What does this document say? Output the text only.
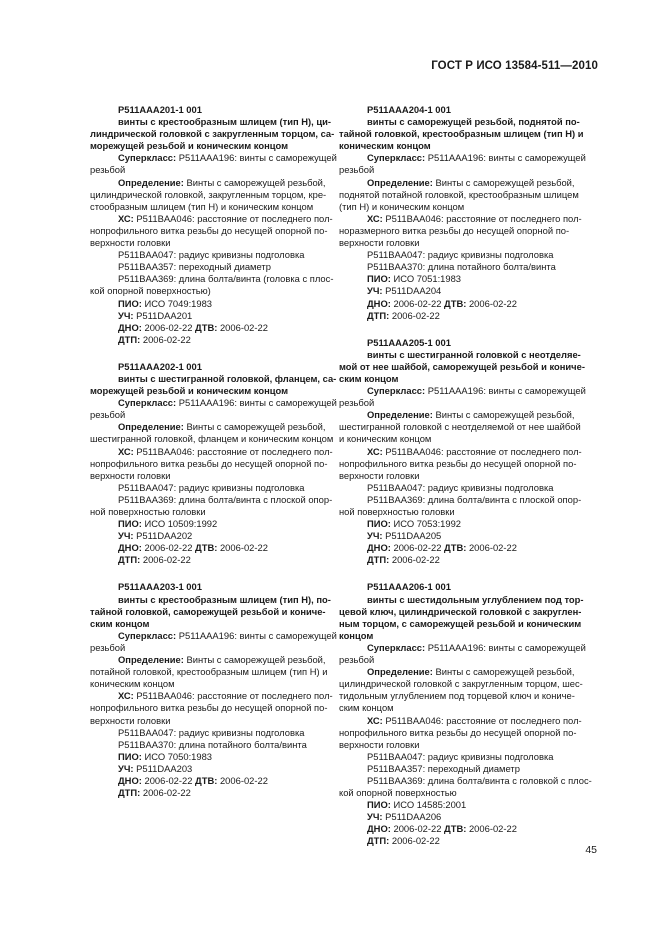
ГОСТ Р ИСО 13584-511—2010

P511AAA201-1 001

винты с крестообразным шлицем (тип Н), ци-

линдрической головкой с закругленным торцом, са-

морежущей резьбой и коническим концом

Суперкласс: P511AAA196: винты с саморежущей

резьбой

Определение: Винты с саморежущей резьбой,

цилиндрической головкой, закругленным торцом, кре-

стообразным шлицем (тип Н) и коническим концом

ХС: P511BAA046: расстояние от последнего пол-

нопрофильного витка резьбы до несущей опорной по-

верхности головки

P511BAA047: радиус кривизны подголовка

P511BAA357: переходный диаметр

P511BAA369: длина болта/винта (головка с плос-

кой опорной поверхностью)

ПИО: ИСО 7049:1983

УЧ: P511DAA201

ДНО: 2006-02-22 ДТВ: 2006-02-22

ДТП: 2006-02-22

P511AAA202-1 001

винты с шестигранной головкой, фланцем, са-

морежущей резьбой и коническим концом

Суперкласс: P511AAA196: винты с саморежущей

резьбой

Определение: Винты с саморежущей резьбой,

шестигранной головкой, фланцем и коническим концом

ХС: P511BAA046: расстояние от последнего пол-

нопрофильного витка резьбы до несущей опорной по-

верхности головки

P511BAA047: радиус кривизны подголовка

P511BAA369: длина болта/винта с плоской опор-

ной поверхностью головки

ПИО: ИСО 10509:1992

УЧ: P511DAA202

ДНО: 2006-02-22 ДТВ: 2006-02-22

ДТП: 2006-02-22

P511AAA203-1 001

винты с крестообразным шлицем (тип Н), по-

тайной головкой, саморежущей резьбой и кониче-

ским концом

Суперкласс: P511AAA196: винты с саморежущей

резьбой

Определение: Винты с саморежущей резьбой,

потайной головкой, крестообразным шлицем (тип Н) и

коническим концом

ХС: P511BAA046: расстояние от последнего пол-

нопрофильного витка резьбы до несущей опорной по-

верхности головки

P511BAA047: радиус кривизны подголовка

P511BAA370: длина потайного болта/винта

ПИО: ИСО 7050:1983

УЧ: P511DAA203

ДНО: 2006-02-22 ДТВ: 2006-02-22

ДТП: 2006-02-22

P511AAA204-1 001

винты с саморежущей резьбой, поднятой по-

тайной головкой, крестообразным шлицем (тип Н) и

коническим концом

Суперкласс: P511AAA196: винты с саморежущей

резьбой

Определение: Винты с саморежущей резьбой,

поднятой потайной головкой, крестообразным шлицем

(тип Н) и коническим концом

ХС: P511BAA046: расстояние от последнего пол-

норазмерного витка резьбы до несущей опорной по-

верхности головки

P511BAA047: радиус кривизны подголовка

P511BAA370: длина потайного болта/винта

ПИО: ИСО 7051:1983

УЧ: P511DAA204

ДНО: 2006-02-22 ДТВ: 2006-02-22

ДТП: 2006-02-22

P511AAA205-1 001

винты с шестигранной головкой с неотделяе-

мой от нее шайбой, саморежущей резьбой и кониче-

ским концом

Суперкласс: P511AAA196: винты с саморежущей

резьбой

Определение: Винты с саморежущей резьбой,

шестигранной головкой с неотделяемой от нее шайбой

и коническим концом

ХС: P511BAA046: расстояние от последнего пол-

нопрофильного витка резьбы до несущей опорной по-

верхности головки

P511BAA047: радиус кривизны подголовка

P511BAA369: длина болта/винта с плоской опор-

ной поверхностью головки

ПИО: ИСО 7053:1992

УЧ: P511DAA205

ДНО: 2006-02-22 ДТВ: 2006-02-22

ДТП: 2006-02-22

P511AAA206-1 001

винты с шестидольным углублением под тор-

цевой ключ, цилиндрической головкой с закруглен-

ным торцом, с саморежущей резьбой и коническим

концом

Суперкласс: P511AAA196: винты с саморежущей

резьбой

Определение: Винты с саморежущей резьбой,

цилиндрической головкой с закругленным торцом, шес-

тидольным углублением под торцевой ключ и кониче-

ским концом

ХС: P511BAA046: расстояние от последнего пол-

нопрофильного витка резьбы до несущей опорной по-

верхности головки

P511BAA047: радиус кривизны подголовка

P511BAA357: переходный диаметр

P511BAA369: длина болта/винта с головкой с плос-

кой опорной поверхностью

ПИО: ИСО 14585:2001

УЧ: P511DAA206

ДНО: 2006-02-22 ДТВ: 2006-02-22

ДТП: 2006-02-22

45
